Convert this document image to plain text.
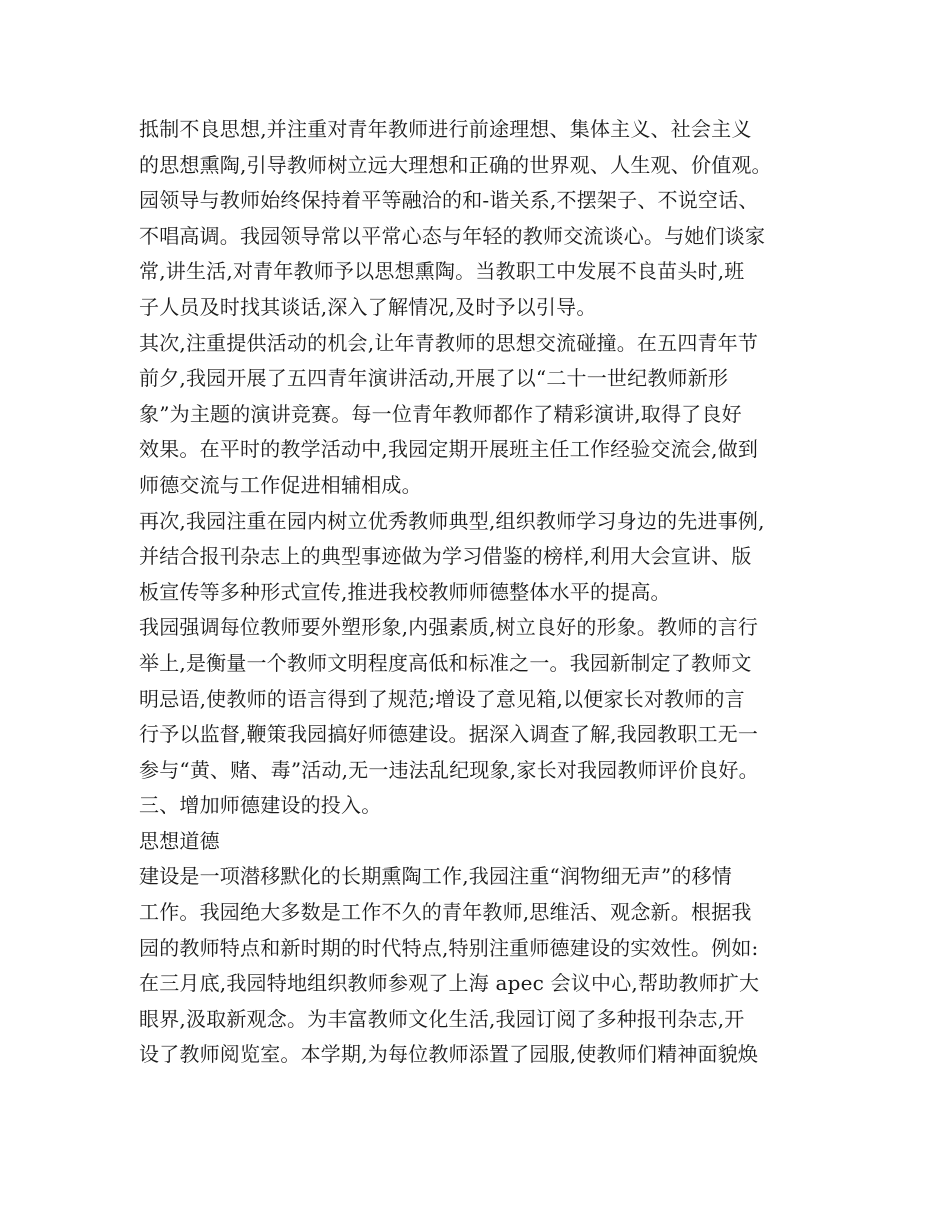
抵制不良思想,并注重对青年教师进行前途理想、集体主义、社会主义
的思想熏陶,引导教师树立远大理想和正确的世界观、人生观、价值观。
园领导与教师始终保持着平等融洽的和-谐关系,不摆架子、不说空话、
不唱高调。我园领导常以平常心态与年轻的教师交流谈心。与她们谈家
常,讲生活,对青年教师予以思想熏陶。当教职工中发展不良苗头时,班
子人员及时找其谈话,深入了解情况,及时予以引导。
其次,注重提供活动的机会,让年青教师的思想交流碰撞。在五四青年节
前夕,我园开展了五四青年演讲活动,开展了以“二十一世纪教师新形
象”为主题的演讲竞赛。每一位青年教师都作了精彩演讲,取得了良好
效果。在平时的教学活动中,我园定期开展班主任工作经验交流会,做到
师德交流与工作促进相辅相成。
再次,我园注重在园内树立优秀教师典型,组织教师学习身边的先进事例,
并结合报刊杂志上的典型事迹做为学习借鉴的榜样,利用大会宣讲、版
板宣传等多种形式宣传,推进我校教师师德整体水平的提高。
我园强调每位教师要外塑形象,内强素质,树立良好的形象。教师的言行
举上,是衡量一个教师文明程度高低和标准之一。我园新制定了教师文
明忌语,使教师的语言得到了规范;增设了意见箱,以便家长对教师的言
行予以监督,鞭策我园搞好师德建设。据深入调查了解,我园教职工无一
参与“黄、赌、毒”活动,无一违法乱纪现象,家长对我园教师评价良好。
三、增加师德建设的投入。
思想道德
建设是一项潜移默化的长期熏陶工作,我园注重“润物细无声”的移情
工作。我园绝大多数是工作不久的青年教师,思维活、观念新。根据我
园的教师特点和新时期的时代特点,特别注重师德建设的实效性。例如:
在三月底,我园特地组织教师参观了上海 apec 会议中心,帮助教师扩大
眼界,汲取新观念。为丰富教师文化生活,我园订阅了多种报刊杂志,开
设了教师阅览室。本学期,为每位教师添置了园服,使教师们精神面貌焕
